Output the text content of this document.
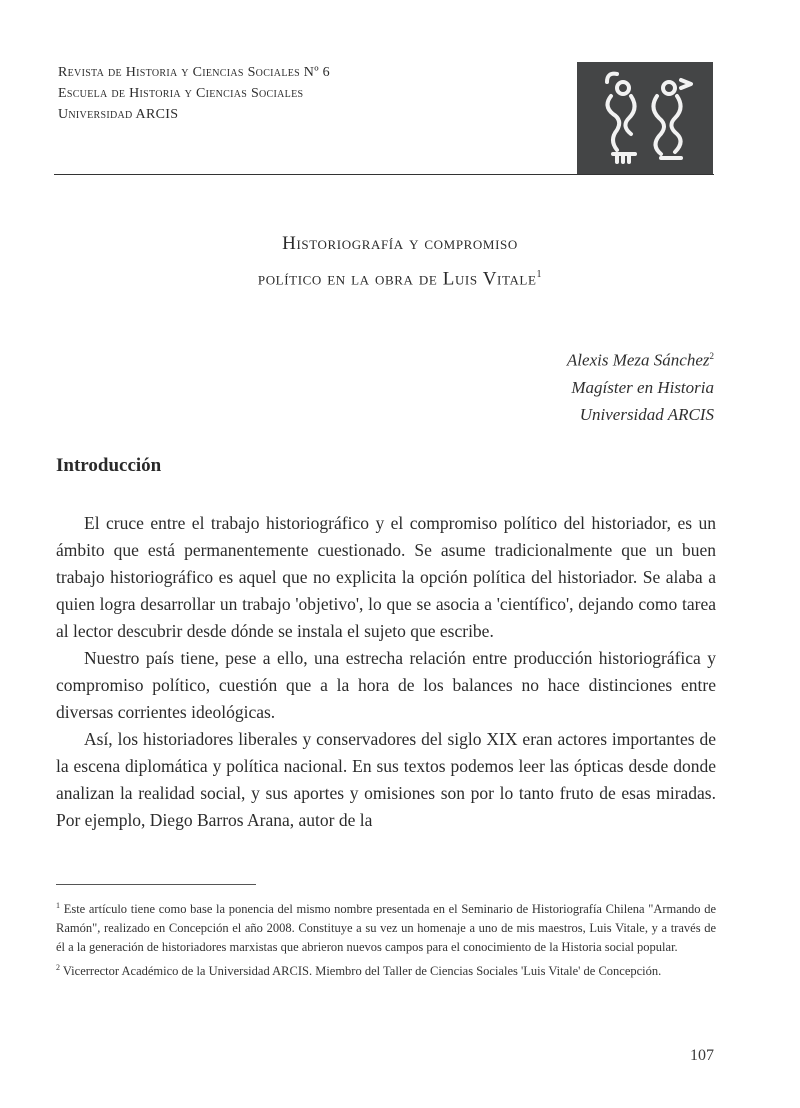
Revista de Historia y Ciencias Sociales Nº 6
Escuela de Historia y Ciencias Sociales
Universidad ARCIS
Historiografía y compromiso
político en la obra de Luis Vitale$^1$
Alexis Meza Sánchez$^2$
Magíster en Historia
Universidad ARCIS
Introducción

El cruce entre el trabajo historiográfico y el compromiso político del historiador, es un ámbito que está permanentemente cuestionado. Se asume tradicionalmente que un buen trabajo historiográfico es aquel que no explicita la opción política del historiador. Se alaba a quien logra desarrollar un trabajo 'objetivo', lo que se asocia a 'científico', dejando como tarea al lector descubrir desde dónde se instala el sujeto que escribe.

Nuestro país tiene, pese a ello, una estrecha relación entre producción historiográfica y compromiso político, cuestión que a la hora de los balances no hace distinciones entre diversas corrientes ideológicas.

Así, los historiadores liberales y conservadores del siglo XIX eran actores importantes de la escena diplomática y política nacional. En sus textos podemos leer las ópticas desde donde analizan la realidad social, y sus aportes y omisiones son por lo tanto fruto de esas miradas. Por ejemplo, Diego Barros Arana, autor de la

$^1$ Este artículo tiene como base la ponencia del mismo nombre presentada en el Seminario de Historiografía Chilena "Armando de Ramón", realizado en Concepción el año 2008. Constituye a su vez un homenaje a uno de mis maestros, Luis Vitale, y a través de él a la generación de historiadores marxistas que abrieron nuevos campos para el conocimiento de la Historia social popular.

$^2$ Vicerrector Académico de la Universidad ARCIS. Miembro del Taller de Ciencias Sociales 'Luis Vitale' de Concepción.

107
